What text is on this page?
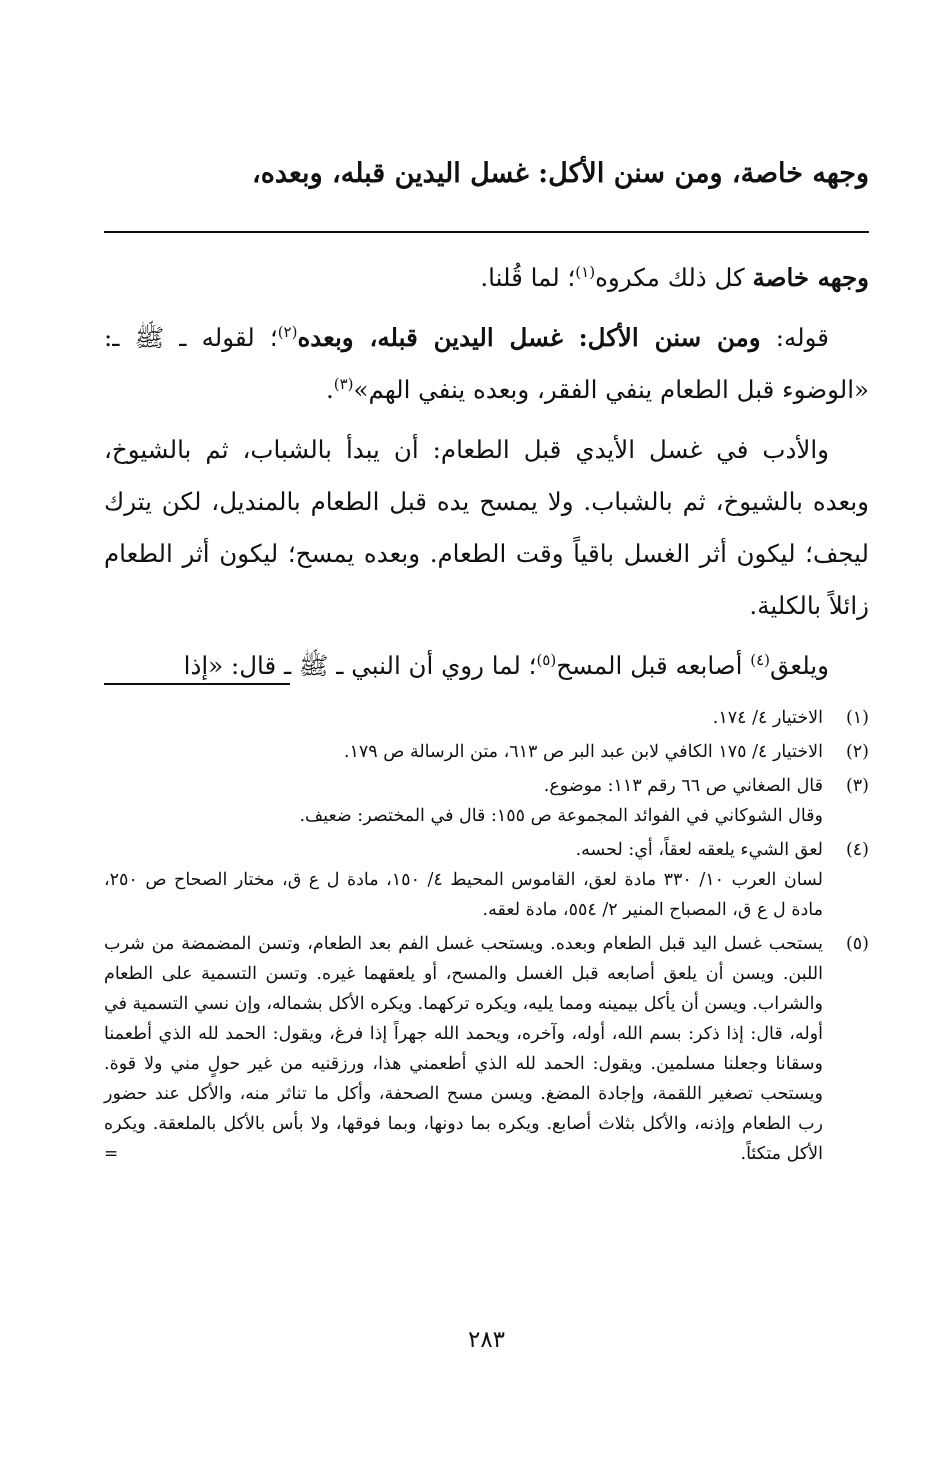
وجهه خاصة، ومن سنن الأكل: غسل اليدين قبله، وبعده،

وجهه خاصة كل ذلك مكروه$^{(١)}$؛ لما قُلنا.

قوله: ومن سنن الأكل: غسل اليدين قبله، وبعده$^{(٢)}$؛ لقوله ـ ﷺ ـ: «الوضوء قبل الطعام ينفي الفقر، وبعده ينفي الهم»$^{(٣)}$.

والأدب في غسل الأيدي قبل الطعام: أن يبدأ بالشباب، ثم بالشيوخ، وبعده بالشيوخ، ثم بالشباب. ولا يمسح يده قبل الطعام بالمنديل، لكن يترك ليجف؛ ليكون أثر الغسل باقياً وقت الطعام. وبعده يمسح؛ ليكون أثر الطعام زائلاً بالكلية.

ويلعق$^{(٤)}$ أصابعه قبل المسح$^{(٥)}$؛ لما روي أن النبي ـ ﷺ ـ قال: «إذا

(١)
الاختيار ٤/ ١٧٤.
(٢)
الاختيار ٤/ ١٧٥ الكافي لابن عبد البر ص ٦١٣، متن الرسالة ص ١٧٩.
(٣)
قال الصغاني ص ٦٦ رقم ١١٣: موضوع.
وقال الشوكاني في الفوائد المجموعة ص ١٥٥: قال في المختصر: ضعيف.
(٤)
لعق الشيء يلعقه لعقاً، أي: لحسه.
لسان العرب ١٠/ ٣٣٠ مادة لعق، القاموس المحيط ٤/ ١٥٠، مادة ل ع ق، مختار الصحاح ص ٢٥٠، مادة ل ع ق، المصباح المنير ٢/ ٥٥٤، مادة لعقه.
(٥)
يستحب غسل اليد قبل الطعام وبعده. ويستحب غسل الفم بعد الطعام، وتسن المضمضة من شرب اللبن. ويسن أن يلعق أصابعه قبل الغسل والمسح، أو يلعقهما غيره. وتسن التسمية على الطعام والشراب. ويسن أن يأكل بيمينه ومما يليه، ويكره تركهما. ويكره الأكل بشماله، وإن نسي التسمية في أوله، قال: إذا ذكر: بسم الله، أوله، وآخره، ويحمد الله جهراً إذا فرغ، ويقول: الحمد لله الذي أطعمنا وسقانا وجعلنا مسلمين. ويقول: الحمد لله الذي أطعمني هذا، ورزقنيه من غير حولٍ مني ولا قوة. ويستحب تصغير اللقمة، وإجادة المضغ. ويسن مسح الصحفة، وأكل ما تناثر منه، والأكل عند حضور رب الطعام وإذنه، والأكل بثلاث أصابع. ويكره بما دونها، وبما فوقها، ولا بأس بالأكل بالملعقة. ويكره الأكل متكئاً.
=
٢٨٣
